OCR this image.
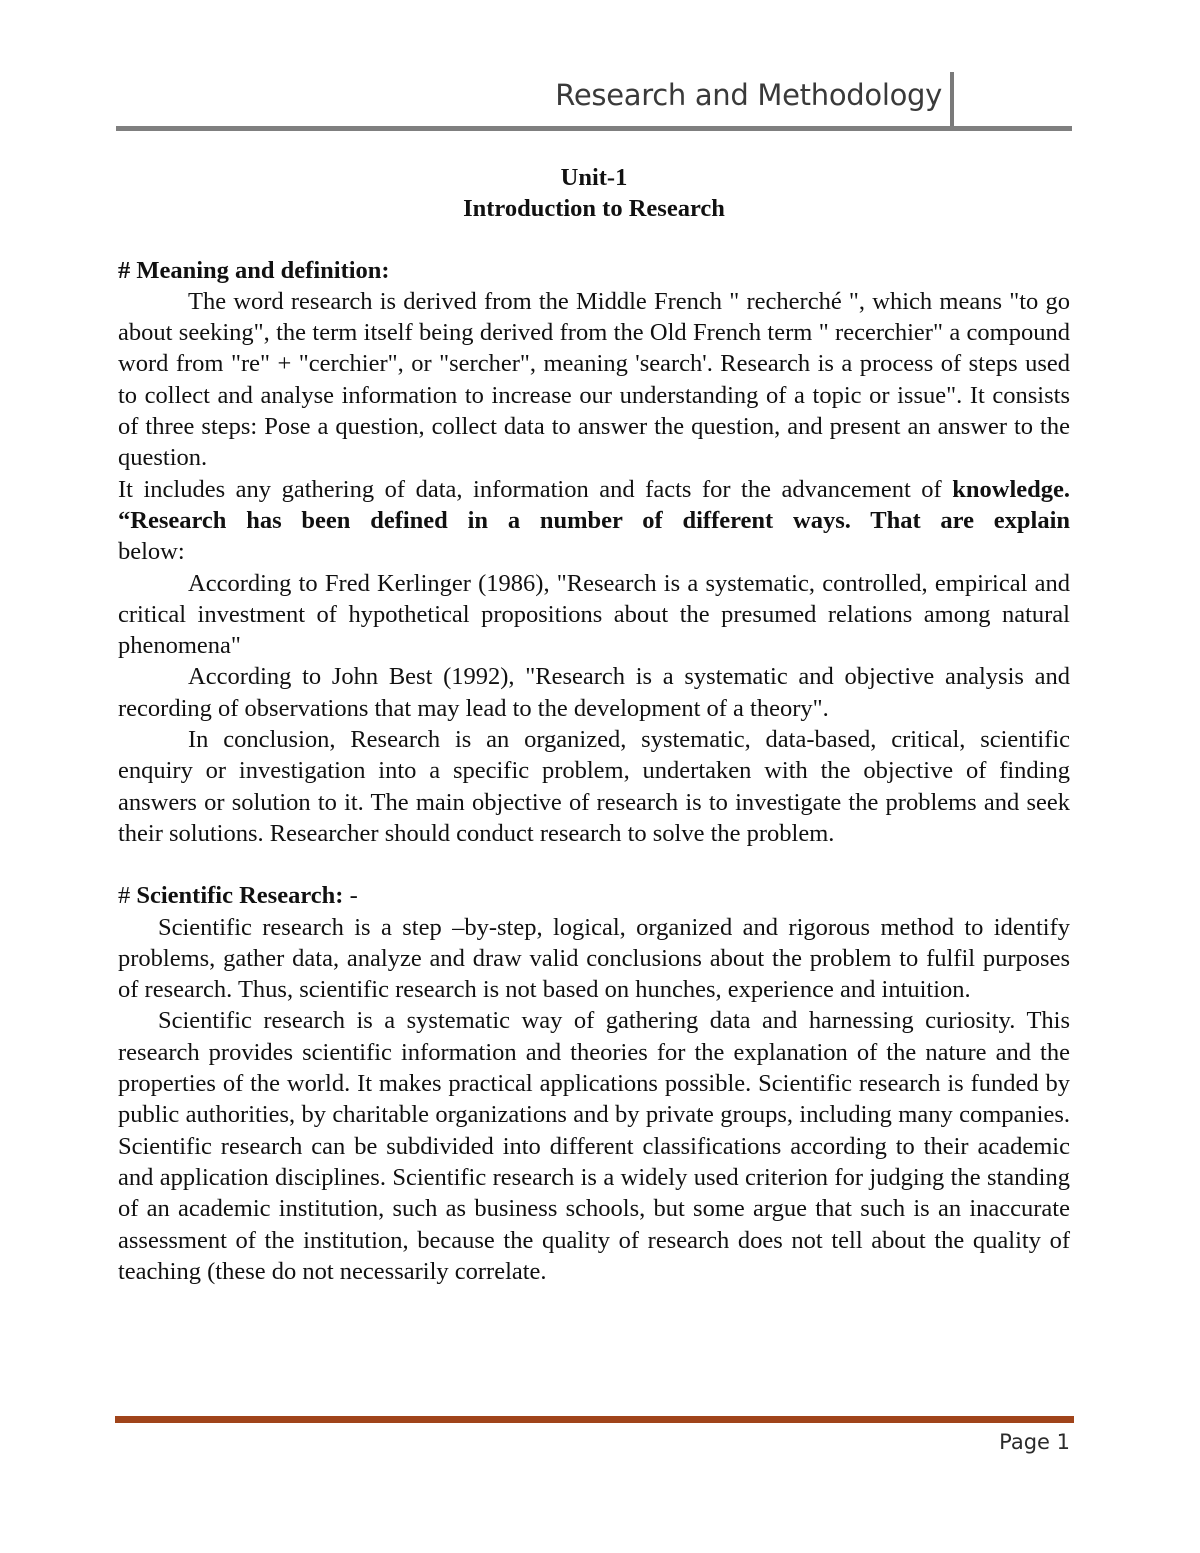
Research and Methodology

Unit-1

Introduction to Research

# Meaning and definition:

The word research is derived from the Middle French " recherché ", which means "to go about seeking", the term itself being derived from the Old French term " recerchier" a compound word from "re" + "cerchier", or "sercher", meaning 'search'. Research is a process of steps used to collect and analyse information to increase our understanding of a topic or issue". It consists of three steps: Pose a question, collect data to answer the question, and present an answer to the question.

It includes any gathering of data, information and facts for the advancement of knowledge. “Research has been defined in a number of different ways. That are explain

below:

According to Fred Kerlinger (1986), "Research is a systematic, controlled, empirical and critical investment of hypothetical propositions about the presumed relations among natural phenomena"

According to John Best (1992), "Research is a systematic and objective analysis and recording of observations that may lead to the development of a theory".

In conclusion, Research is an organized, systematic, data-based, critical, scientific enquiry or investigation into a specific problem, undertaken with the objective of finding answers or solution to it. The main objective of research is to investigate the problems and seek their solutions. Researcher should conduct research to solve the problem.

# Scientific Research: -

Scientific research is a step –by-step, logical, organized and rigorous method to identify problems, gather data, analyze and draw valid conclusions about the problem to fulfil purposes of research. Thus, scientific research is not based on hunches, experience and intuition.

Scientific research is a systematic way of gathering data and harnessing curiosity. This research provides scientific information and theories for the explanation of the nature and the properties of the world. It makes practical applications possible. Scientific research is funded by public authorities, by charitable organizations and by private groups, including many companies. Scientific research can be subdivided into different classifications according to their academic and application disciplines. Scientific research is a widely used criterion for judging the standing of an academic institution, such as business schools, but some argue that such is an inaccurate assessment of the institution, because the quality of research does not tell about the quality of teaching (these do not necessarily correlate.

Page 1
